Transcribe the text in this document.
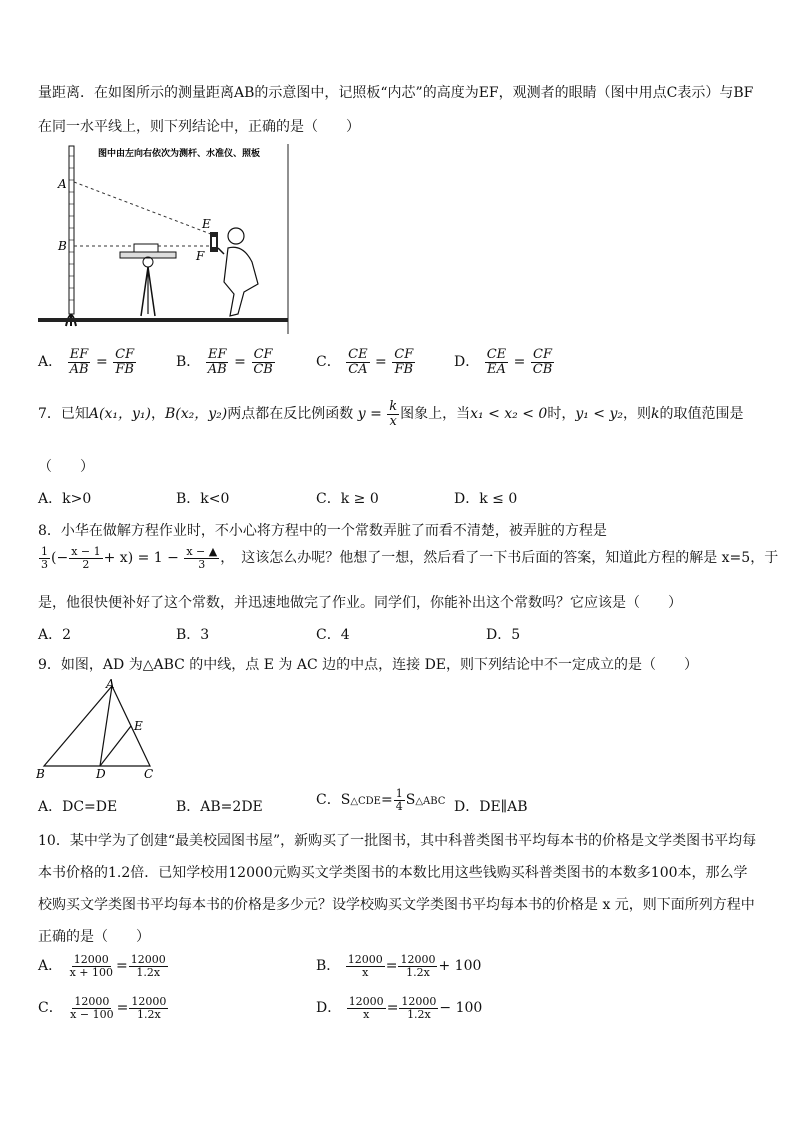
量距离．在如图所示的测量距离AB的示意图中，记照板“内芯”的高度为EF，观测者的眼睛（图中用点C表示）与BF
在同一水平线上，则下列结论中，正确的是（　　）
图中由左向右依次为测杆、水准仪、照板
A
B
E
F
A． $\frac{EF}{AB} = \frac{CF}{FB}$	B． $\frac{EF}{AB} = \frac{CF}{CB}$	C． $\frac{CE}{CA} = \frac{CF}{FB}$	D． $\frac{CE}{EA} = \frac{CF}{CB}$
7．已知A(x₁，y₁)，B(x₂，y₂)两点都在反比例函数 $y = \frac{k}{x}$ 图象上，当x₁ < x₂ < 0时，y₁ < y₂，则k的取值范围是
（　　）
A．k>0	B．k<0	C．k ≥ 0	D．k ≤ 0
8．小华在做解方程作业时，不小心将方程中的一个常数弄脏了而看不清楚，被弄脏的方程是
$\frac{1}{3}$ (− $\frac{x - 1}{2} + x) = 1 - \frac{x - ▲}{3}$ ，　这该怎么办呢？他想了一想，然后看了一下书后面的答案，知道此方程的解是 x=5，于
是，他很快便补好了这个常数，并迅速地做完了作业。同学们，你能补出这个常数吗？它应该是（　　）
A．2	B．3	C．4	D．5
9．如图，AD 为△ABC 的中线，点 E 为 AC 边的中点，连接 DE，则下列结论中不一定成立的是（　　）
A
B	C
D
E
A．DC=DE	B．AB=2DE	C．S△CDE= $\frac{1}{4}$ S△ABC D．DE∥AB
10．某中学为了创建“最美校园图书屋”，新购买了一批图书，其中科普类图书平均每本书的价格是文学类图书平均每
本书价格的1.2倍．已知学校用12000元购买文学类图书的本数比用这些钱购买科普类图书的本数多100本，那么学
校购买文学类图书平均每本书的价格是多少元？设学校购买文学类图书平均每本书的价格是 x 元，则下面所列方程中
正确的是（　　）
A． $\frac{12000}{x + 100} = \frac{12000}{1.2x}$	B． $\frac{12000}{x} = \frac{12000}{1.2x} + 100$
C． $\frac{12000}{x - 100} = \frac{12000}{1.2x}$	D． $\frac{12000}{x} = \frac{12000}{1.2x} - 100$
